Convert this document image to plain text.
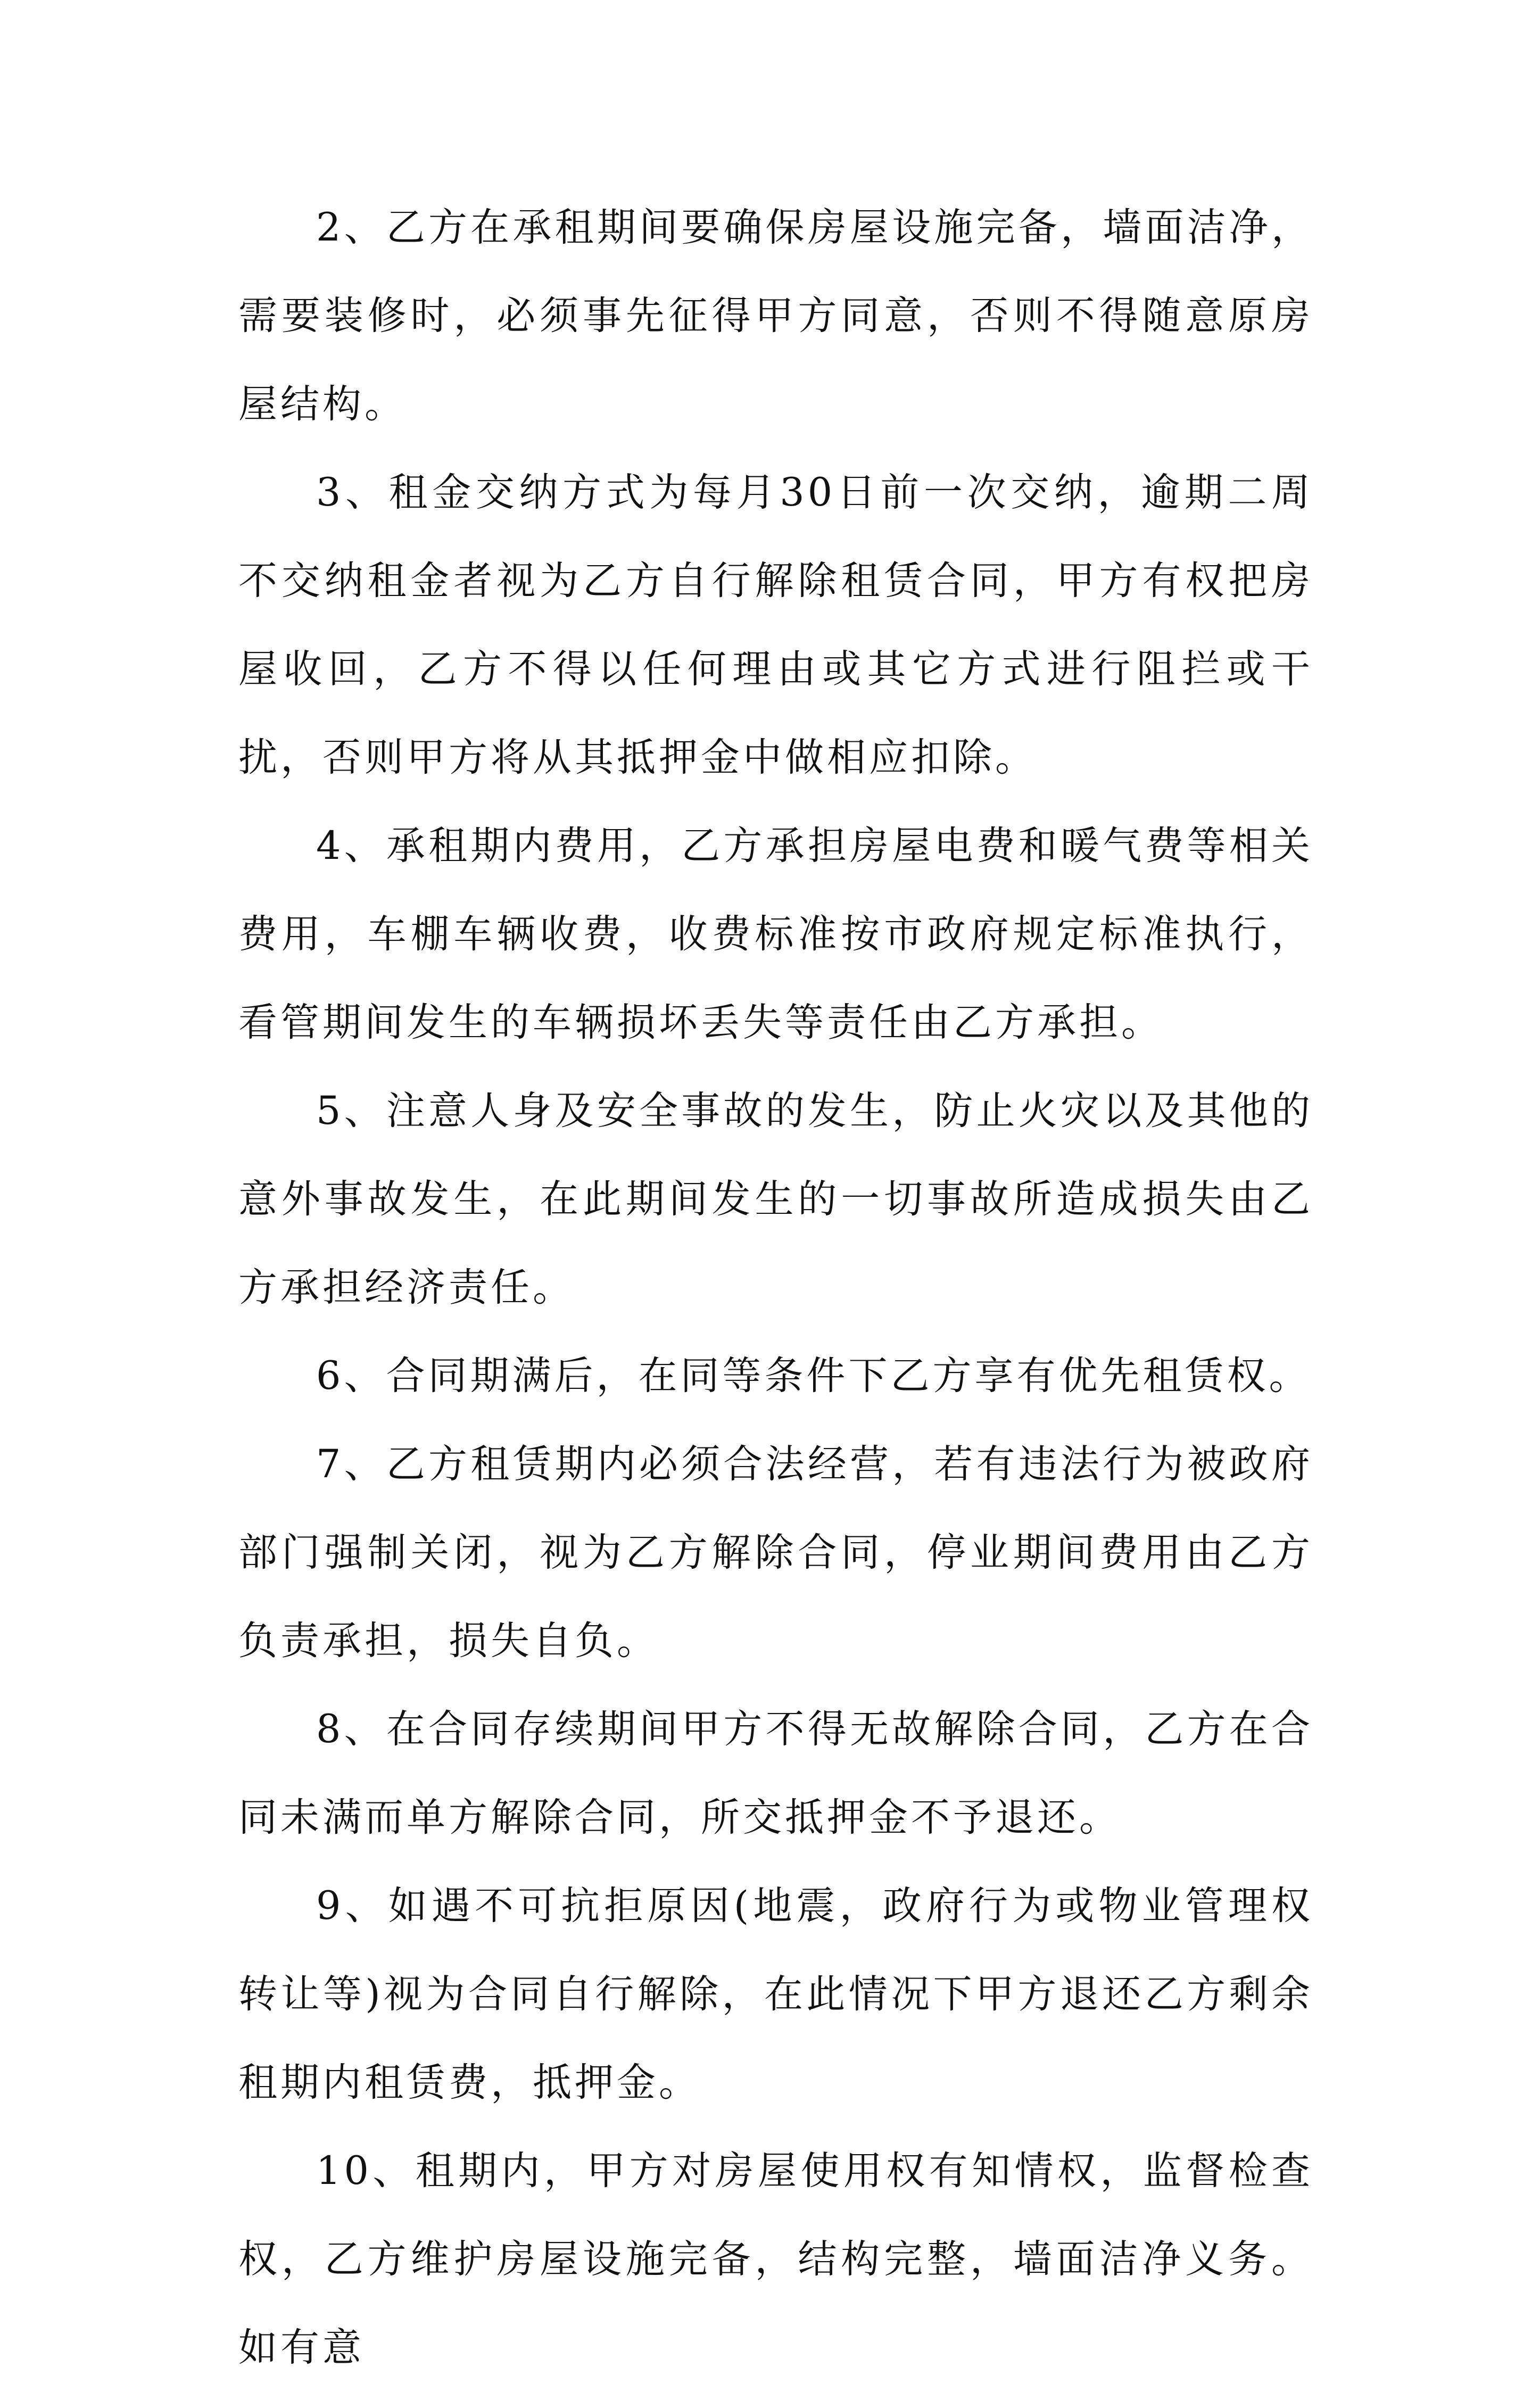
2、乙方在承租期间要确保房屋设施完备，墙面洁净，需要装修时，必须事先征得甲方同意，否则不得随意原房屋结构。

3、租金交纳方式为每月30日前一次交纳，逾期二周不交纳租金者视为乙方自行解除租赁合同，甲方有权把房屋收回，乙方不得以任何理由或其它方式进行阻拦或干扰，否则甲方将从其抵押金中做相应扣除。

4、承租期内费用，乙方承担房屋电费和暖气费等相关费用，车棚车辆收费，收费标准按市政府规定标准执行，看管期间发生的车辆损坏丢失等责任由乙方承担。

5、注意人身及安全事故的发生，防止火灾以及其他的意外事故发生，在此期间发生的一切事故所造成损失由乙方承担经济责任。

6、合同期满后，在同等条件下乙方享有优先租赁权。

7、乙方租赁期内必须合法经营，若有违法行为被政府部门强制关闭，视为乙方解除合同，停业期间费用由乙方负责承担，损失自负。

8、在合同存续期间甲方不得无故解除合同，乙方在合同未满而单方解除合同，所交抵押金不予退还。

9、如遇不可抗拒原因(地震，政府行为或物业管理权转让等)视为合同自行解除，在此情况下甲方退还乙方剩余租期内租赁费，抵押金。

10、租期内，甲方对房屋使用权有知情权，监督检查权，乙方维护房屋设施完备，结构完整，墙面洁净义务。如有意
